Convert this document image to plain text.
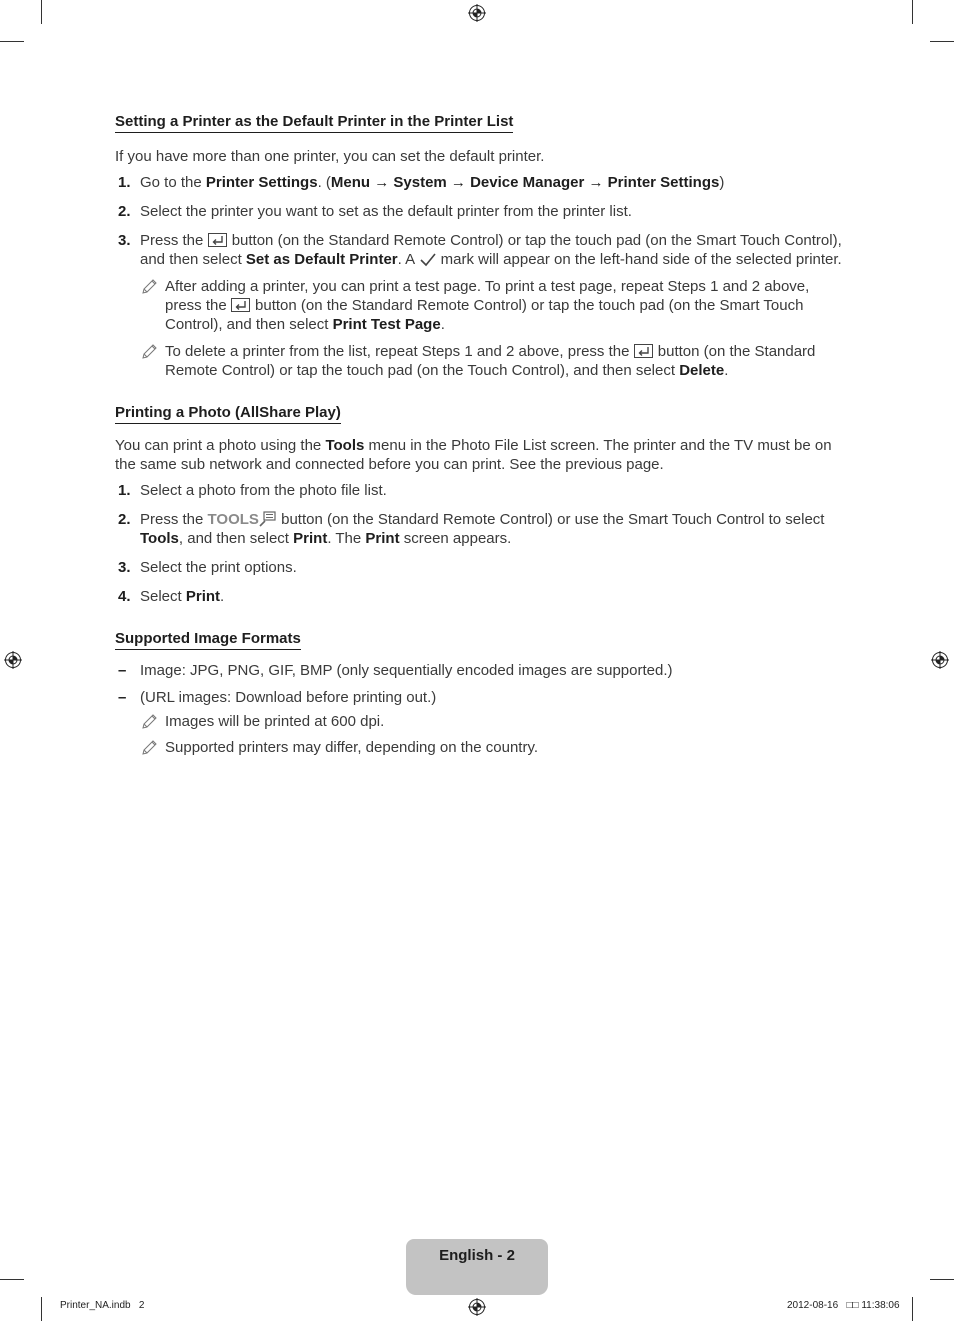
Setting a Printer as the Default Printer in the Printer List

If you have more than one printer, you can set the default printer.

1. Go to the Printer Settings. (Menu → System → Device Manager → Printer Settings)

2. Select the printer you want to set as the default printer from the printer list.

3. Press the  button (on the Standard Remote Control) or tap the touch pad (on the Smart Touch Control), and then select Set as Default Printer. A  mark will appear on the left-hand side of the selected printer.

After adding a printer, you can print a test page. To print a test page, repeat Steps 1 and 2 above, press the  button (on the Standard Remote Control) or tap the touch pad (on the Smart Touch Control), and then select Print Test Page.

To delete a printer from the list, repeat Steps 1 and 2 above, press the  button (on the Standard Remote Control) or tap the touch pad (on the Touch Control), and then select Delete.

Printing a Photo (AllShare Play)

You can print a photo using the Tools menu in the Photo File List screen. The printer and the TV must be on the same sub network and connected before you can print. See the previous page.

1. Select a photo from the photo file list.

2. Press the TOOLS button (on the Standard Remote Control) or use the Smart Touch Control to select Tools, and then select Print. The Print screen appears.

3. Select the print options.

4. Select Print.

Supported Image Formats

– Image: JPG, PNG, GIF, BMP (only sequentially encoded images are supported.)

– (URL images: Download before printing out.)

Images will be printed at 600 dpi.

Supported printers may differ, depending on the country.

English - 2
Printer_NA.indb   2	2012-08-16   □□ 11:38:06
